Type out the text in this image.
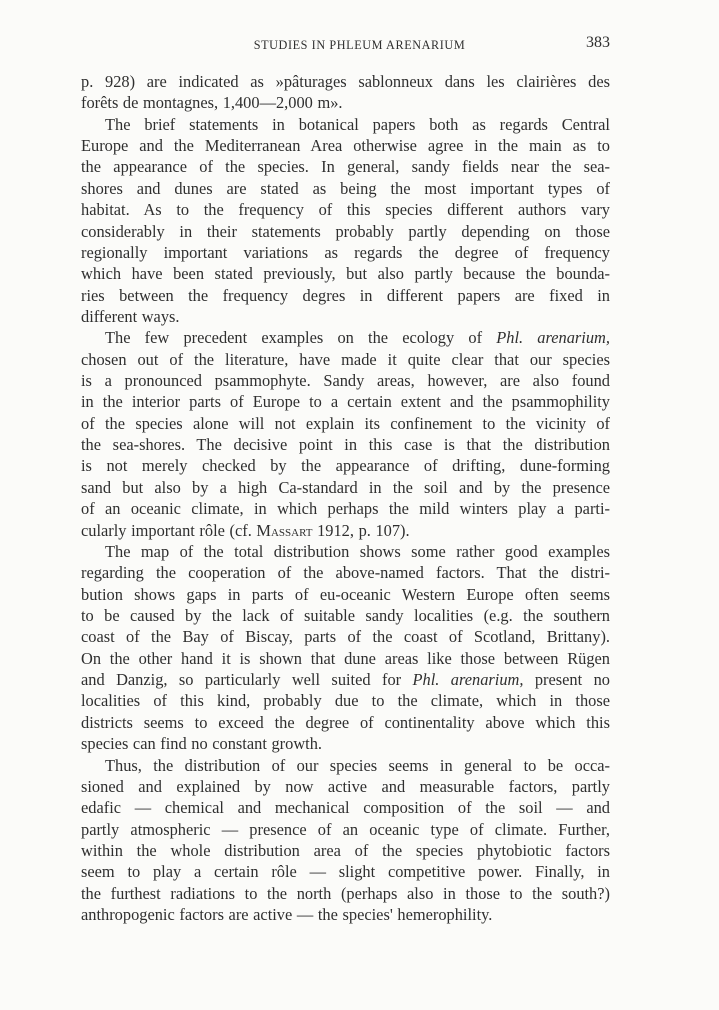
STUDIES IN PHLEUM ARENARIUM	383
p. 928) are indicated as »pâturages sablonneux dans les clairières des
forêts de montagnes, 1,400—2,000 m».
The brief statements in botanical papers both as regards Central
Europe and the Mediterranean Area otherwise agree in the main as to
the appearance of the species. In general, sandy fields near the sea-
shores and dunes are stated as being the most important types of
habitat. As to the frequency of this species different authors vary
considerably in their statements probably partly depending on those
regionally important variations as regards the degree of frequency
which have been stated previously, but also partly because the bounda-
ries between the frequency degres in different papers are fixed in
different ways.
The few precedent examples on the ecology of Phl. arenarium,
chosen out of the literature, have made it quite clear that our species
is a pronounced psammophyte. Sandy areas, however, are also found
in the interior parts of Europe to a certain extent and the psammophility
of the species alone will not explain its confinement to the vicinity of
the sea-shores. The decisive point in this case is that the distribution
is not merely checked by the appearance of drifting, dune-forming
sand but also by a high Ca-standard in the soil and by the presence
of an oceanic climate, in which perhaps the mild winters play a parti-
cularly important rôle (cf. Massart 1912, p. 107).
The map of the total distribution shows some rather good examples
regarding the cooperation of the above-named factors. That the distri-
bution shows gaps in parts of eu-oceanic Western Europe often seems
to be caused by the lack of suitable sandy localities (e.g. the southern
coast of the Bay of Biscay, parts of the coast of Scotland, Brittany).
On the other hand it is shown that dune areas like those between Rügen
and Danzig, so particularly well suited for Phl. arenarium, present no
localities of this kind, probably due to the climate, which in those
districts seems to exceed the degree of continentality above which this
species can find no constant growth.
Thus, the distribution of our species seems in general to be occa-
sioned and explained by now active and measurable factors, partly
edafic — chemical and mechanical composition of the soil — and
partly atmospheric — presence of an oceanic type of climate. Further,
within the whole distribution area of the species phytobiotic factors
seem to play a certain rôle — slight competitive power. Finally, in
the furthest radiations to the north (perhaps also in those to the south?)
anthropogenic factors are active — the species' hemerophility.
